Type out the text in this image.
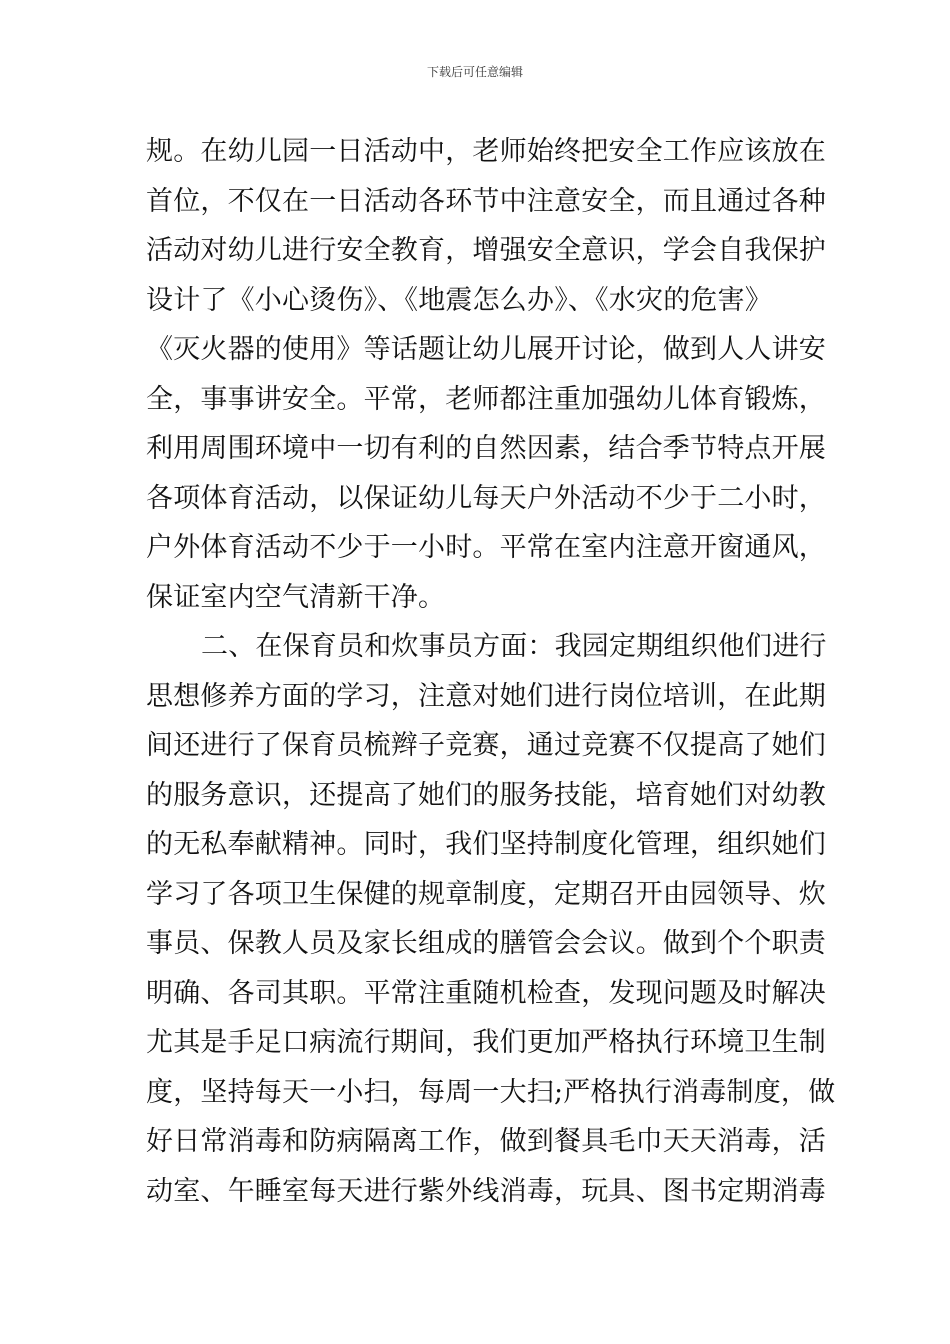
下载后可任意编辑
规。在幼儿园一日活动中，老师始终把安全工作应该放在
首位，不仅在一日活动各环节中注意安全，而且通过各种
活动对幼儿进行安全教育，增强安全意识，学会自我保护
设计了《小心烫伤》、《地震怎么办》、《水灾的危害》
《灭火器的使用》等话题让幼儿展开讨论，做到人人讲安
全，事事讲安全。平常，老师都注重加强幼儿体育锻炼，
利用周围环境中一切有利的自然因素，结合季节特点开展
各项体育活动，以保证幼儿每天户外活动不少于二小时，
户外体育活动不少于一小时。平常在室内注意开窗通风，
保证室内空气清新干净。
二、在保育员和炊事员方面：我园定期组织他们进行
思想修养方面的学习，注意对她们进行岗位培训，在此期
间还进行了保育员梳辫子竞赛，通过竞赛不仅提高了她们
的服务意识，还提高了她们的服务技能，培育她们对幼教
的无私奉献精神。同时，我们坚持制度化管理，组织她们
学习了各项卫生保健的规章制度，定期召开由园领导、炊
事员、保教人员及家长组成的膳管会会议。做到个个职责
明确、各司其职。平常注重随机检查，发现问题及时解决
尤其是手足口病流行期间，我们更加严格执行环境卫生制
度，坚持每天一小扫，每周一大扫;严格执行消毒制度，做
好日常消毒和防病隔离工作，做到餐具毛巾天天消毒，活
动室、午睡室每天进行紫外线消毒，玩具、图书定期消毒
